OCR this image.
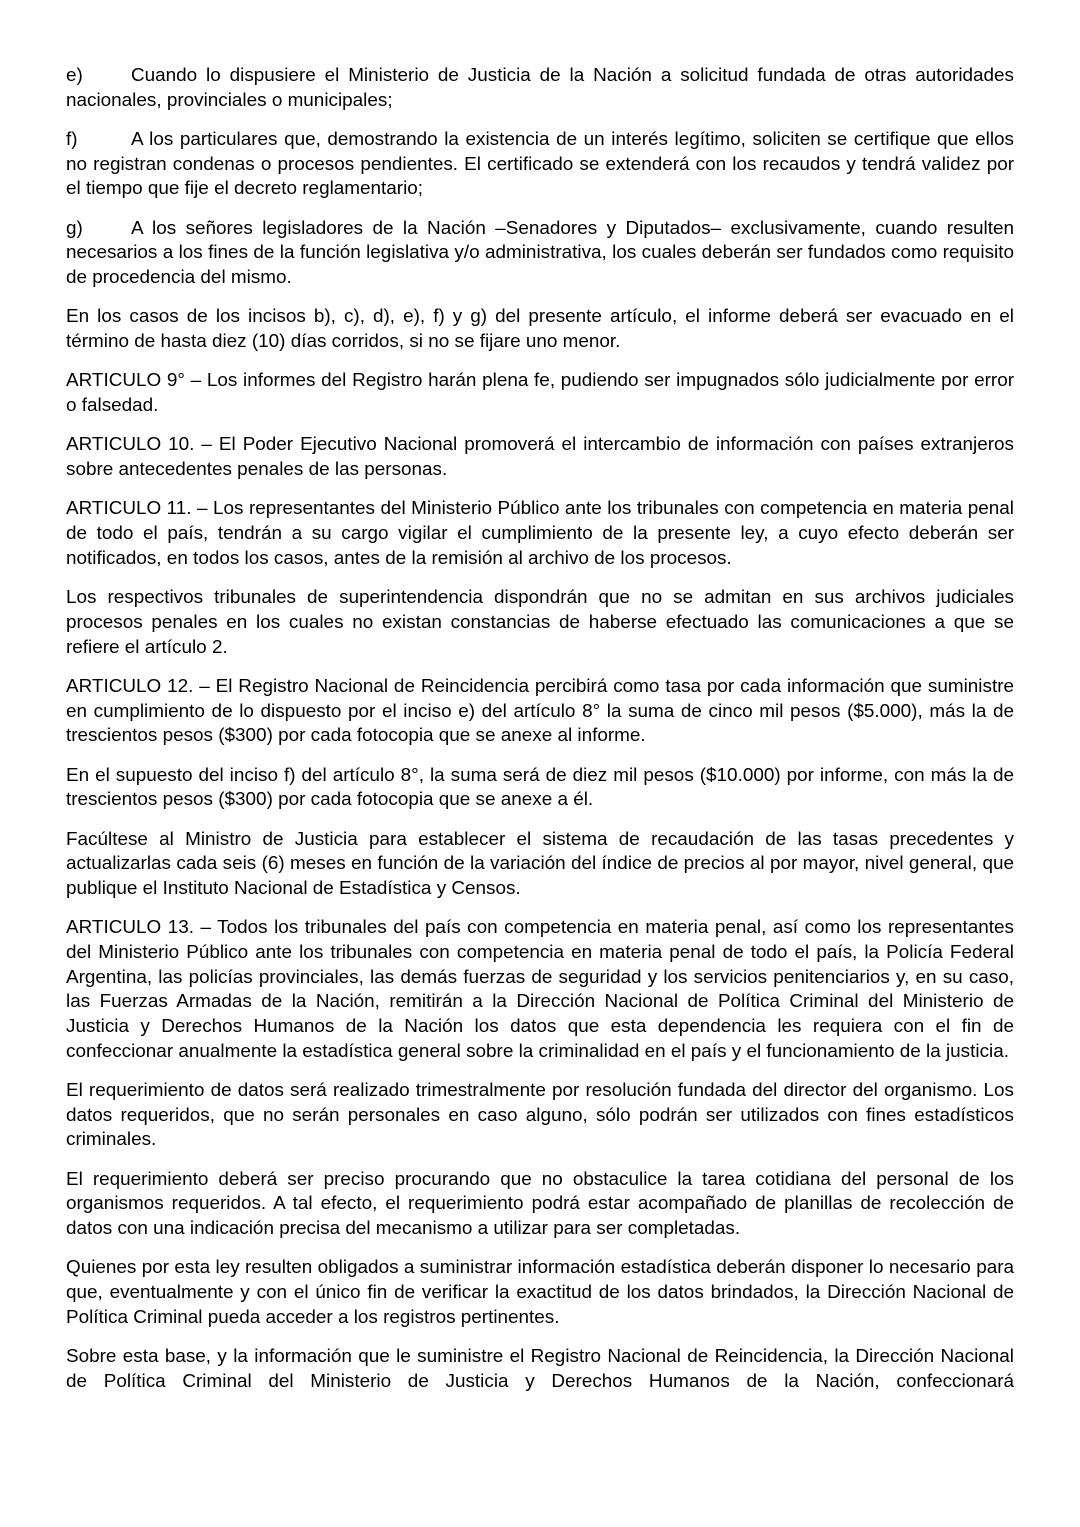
e)	Cuando lo dispusiere el Ministerio de Justicia de la Nación a solicitud fundada de otras autoridades nacionales, provinciales o municipales;

f)	A los particulares que, demostrando la existencia de un interés legítimo, soliciten se certifique que ellos no registran condenas o procesos pendientes. El certificado se extenderá con los recaudos y tendrá validez por el tiempo que fije el decreto reglamentario;

g)	A los señores legisladores de la Nación –Senadores y Diputados– exclusivamente, cuando resulten necesarios a los fines de la función legislativa y/o administrativa, los cuales deberán ser fundados como requisito de procedencia del mismo.

En los casos de los incisos b), c), d), e), f) y g) del presente artículo, el informe deberá ser evacuado en el término de hasta diez (10) días corridos, si no se fijare uno menor.

ARTICULO 9° – Los informes del Registro harán plena fe, pudiendo ser impugnados sólo judicialmente por error o falsedad.

ARTICULO 10. – El Poder Ejecutivo Nacional promoverá el intercambio de información con países extranjeros sobre antecedentes penales de las personas.

ARTICULO 11. – Los representantes del Ministerio Público ante los tribunales con competencia en materia penal de todo el país, tendrán a su cargo vigilar el cumplimiento de la presente ley, a cuyo efecto deberán ser notificados, en todos los casos, antes de la remisión al archivo de los procesos.

Los respectivos tribunales de superintendencia dispondrán que no se admitan en sus archivos judiciales procesos penales en los cuales no existan constancias de haberse efectuado las comunicaciones a que se refiere el artículo 2.

ARTICULO 12. – El Registro Nacional de Reincidencia percibirá como tasa por cada información que suministre en cumplimiento de lo dispuesto por el inciso e) del artículo 8° la suma de cinco mil pesos ($5.000), más la de trescientos pesos ($300) por cada fotocopia que se anexe al informe.

En el supuesto del inciso f) del artículo 8°, la suma será de diez mil pesos ($10.000) por informe, con más la de trescientos pesos ($300) por cada fotocopia que se anexe a él.

Facúltese al Ministro de Justicia para establecer el sistema de recaudación de las tasas precedentes y actualizarlas cada seis (6) meses en función de la variación del índice de precios al por mayor, nivel general, que publique el Instituto Nacional de Estadística y Censos.

ARTICULO 13. – Todos los tribunales del país con competencia en materia penal, así como los representantes del Ministerio Público ante los tribunales con competencia en materia penal de todo el país, la Policía Federal Argentina, las policías provinciales, las demás fuerzas de seguridad y los servicios penitenciarios y, en su caso, las Fuerzas Armadas de la Nación, remitirán a la Dirección Nacional de Política Criminal del Ministerio de Justicia y Derechos Humanos de la Nación los datos que esta dependencia les requiera con el fin de confeccionar anualmente la estadística general sobre la criminalidad en el país y el funcionamiento de la justicia.

El requerimiento de datos será realizado trimestralmente por resolución fundada del director del organismo. Los datos requeridos, que no serán personales en caso alguno, sólo podrán ser utilizados con fines estadísticos criminales.

El requerimiento deberá ser preciso procurando que no obstaculice la tarea cotidiana del personal de los organismos requeridos. A tal efecto, el requerimiento podrá estar acompañado de planillas de recolección de datos con una indicación precisa del mecanismo a utilizar para ser completadas.

Quienes por esta ley resulten obligados a suministrar información estadística deberán disponer lo necesario para que, eventualmente y con el único fin de verificar la exactitud de los datos brindados, la Dirección Nacional de Política Criminal pueda acceder a los registros pertinentes.

Sobre esta base, y la información que le suministre el Registro Nacional de Reincidencia, la Dirección Nacional de Política Criminal del Ministerio de Justicia y Derechos Humanos de la Nación, confeccionará
